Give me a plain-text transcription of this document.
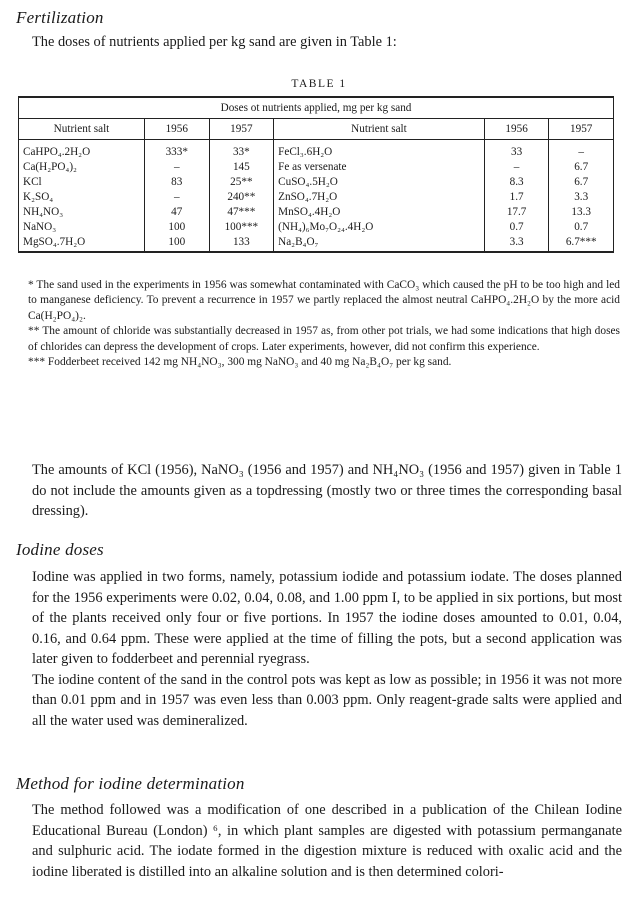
Fertilization

The doses of nutrients applied per kg sand are given in Table 1:

TABLE 1
Doses ot nutrients applied, mg per kg sand					
Nutrient salt	1956	1957	Nutrient salt	1956	1957
CaHPO₄.2H₂O	333*	33*	FeCl₃.6H₂O	33	–
Ca(H₂PO₄)₂	–	145	Fe as versenate	–	6.7
KCl	83	25**	CuSO₄.5H₂O	8.3	6.7
K₂SO₄	–	240**	ZnSO₄.7H₂O	1.7	3.3
NH₄NO₃	47	47***	MnSO₄.4H₂O	17.7	13.3
NaNO₃	100	100***	(NH₄)₆Mo₇O₂₄.4H₂O	0.7	0.7
MgSO₄.7H₂O	100	133	Na₂B₄O₇	3.3	6.7***

* The sand used in the experiments in 1956 was somewhat contaminated with CaCO₃ which caused the pH to be too high and led to manganese deficiency. To prevent a recurrence in 1957 we partly replaced the almost neutral CaHPO₄.2H₂O by the more acid Ca(H₂PO₄)₂.

** The amount of chloride was substantially decreased in 1957 as, from other pot trials, we had some indications that high doses of chlorides can depress the development of crops. Later experiments, however, did not confirm this experience.

*** Fodderbeet received 142 mg NH₄NO₃, 300 mg NaNO₃ and 40 mg Na₂B₄O₇ per kg sand.

The amounts of KCl (1956), NaNO₃ (1956 and 1957) and NH₄NO₃ (1956 and 1957) given in Table 1 do not include the amounts given as a topdressing (mostly two or three times the corresponding basal dressing).

Iodine doses

Iodine was applied in two forms, namely, potassium iodide and potassium iodate. The doses planned for the 1956 experiments were 0.02, 0.04, 0.08, and 1.00 ppm I, to be applied in six portions, but most of the plants received only four or five portions. In 1957 the iodine doses amounted to 0.01, 0.04, 0.16, and 0.64 ppm. These were applied at the time of filling the pots, but a second application was later given to fodderbeet and perennial ryegrass.

The iodine content of the sand in the control pots was kept as low as possible; in 1956 it was not more than 0.01 ppm and in 1957 was even less than 0.003 ppm. Only reagent-grade salts were applied and all the water used was demineralized.

Method for iodine determination

The method followed was a modification of one described in a publication of the Chilean Iodine Educational Bureau (London) ⁶, in which plant samples are digested with potassium permanganate and sulphuric acid. The iodate formed in the digestion mixture is reduced with oxalic acid and the iodine liberated is distilled into an alkaline solution and is then determined colori-
